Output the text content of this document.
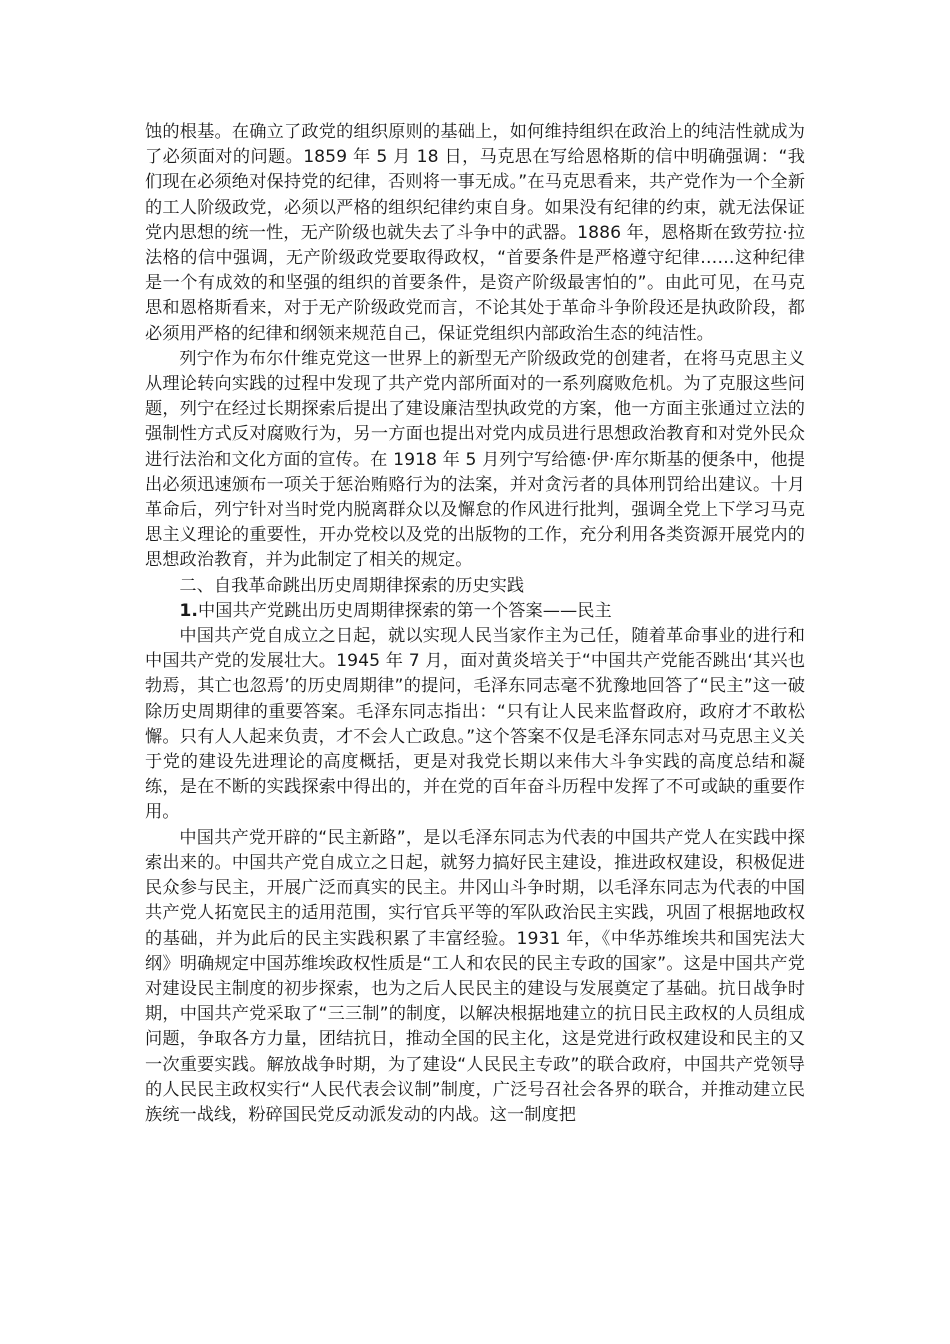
蚀的根基。在确立了政党的组织原则的基础上，如何维持组织在政治上的纯洁性就成为了必须面对的问题。1859 年 5 月 18 日，马克思在写给恩格斯的信中明确强调：“我们现在必须绝对保持党的纪律，否则将一事无成。”在马克思看来，共产党作为一个全新的工人阶级政党，必须以严格的组织纪律约束自身。如果没有纪律的约束，就无法保证党内思想的统一性，无产阶级也就失去了斗争中的武器。1886 年，恩格斯在致劳拉·拉法格的信中强调，无产阶级政党要取得政权，“首要条件是严格遵守纪律……这种纪律是一个有成效的和坚强的组织的首要条件，是资产阶级最害怕的”。由此可见，在马克思和恩格斯看来，对于无产阶级政党而言，不论其处于革命斗争阶段还是执政阶段，都必须用严格的纪律和纲领来规范自己，保证党组织内部政治生态的纯洁性。

列宁作为布尔什维克党这一世界上的新型无产阶级政党的创建者，在将马克思主义从理论转向实践的过程中发现了共产党内部所面对的一系列腐败危机。为了克服这些问题，列宁在经过长期探索后提出了建设廉洁型执政党的方案，他一方面主张通过立法的强制性方式反对腐败行为，另一方面也提出对党内成员进行思想政治教育和对党外民众进行法治和文化方面的宣传。在 1918 年 5 月列宁写给德·伊·库尔斯基的便条中，他提出必须迅速颁布一项关于惩治贿赂行为的法案，并对贪污者的具体刑罚给出建议。十月革命后，列宁针对当时党内脱离群众以及懈怠的作风进行批判，强调全党上下学习马克思主义理论的重要性，开办党校以及党的出版物的工作，充分利用各类资源开展党内的思想政治教育，并为此制定了相关的规定。

二、自我革命跳出历史周期律探索的历史实践

1.中国共产党跳出历史周期律探索的第一个答案——民主

中国共产党自成立之日起，就以实现人民当家作主为己任，随着革命事业的进行和中国共产党的发展壮大。1945 年 7 月，面对黄炎培关于“中国共产党能否跳出‘其兴也勃焉，其亡也忽焉’的历史周期律”的提问，毛泽东同志毫不犹豫地回答了“民主”这一破除历史周期律的重要答案。毛泽东同志指出：“只有让人民来监督政府，政府才不敢松懈。只有人人起来负责，才不会人亡政息。”这个答案不仅是毛泽东同志对马克思主义关于党的建设先进理论的高度概括，更是对我党长期以来伟大斗争实践的高度总结和凝练，是在不断的实践探索中得出的，并在党的百年奋斗历程中发挥了不可或缺的重要作用。

中国共产党开辟的“民主新路”，是以毛泽东同志为代表的中国共产党人在实践中探索出来的。中国共产党自成立之日起，就努力搞好民主建设，推进政权建设，积极促进民众参与民主，开展广泛而真实的民主。井冈山斗争时期，以毛泽东同志为代表的中国共产党人拓宽民主的适用范围，实行官兵平等的军队政治民主实践，巩固了根据地政权的基础，并为此后的民主实践积累了丰富经验。1931 年，《中华苏维埃共和国宪法大纲》明确规定中国苏维埃政权性质是“工人和农民的民主专政的国家”。这是中国共产党对建设民主制度的初步探索，也为之后人民民主的建设与发展奠定了基础。抗日战争时期，中国共产党采取了“三三制”的制度，以解决根据地建立的抗日民主政权的人员组成问题，争取各方力量，团结抗日，推动全国的民主化，这是党进行政权建设和民主的又一次重要实践。解放战争时期，为了建设“人民民主专政”的联合政府，中国共产党领导的人民民主政权实行“人民代表会议制”制度，广泛号召社会各界的联合，并推动建立民族统一战线，粉碎国民党反动派发动的内战。这一制度把
